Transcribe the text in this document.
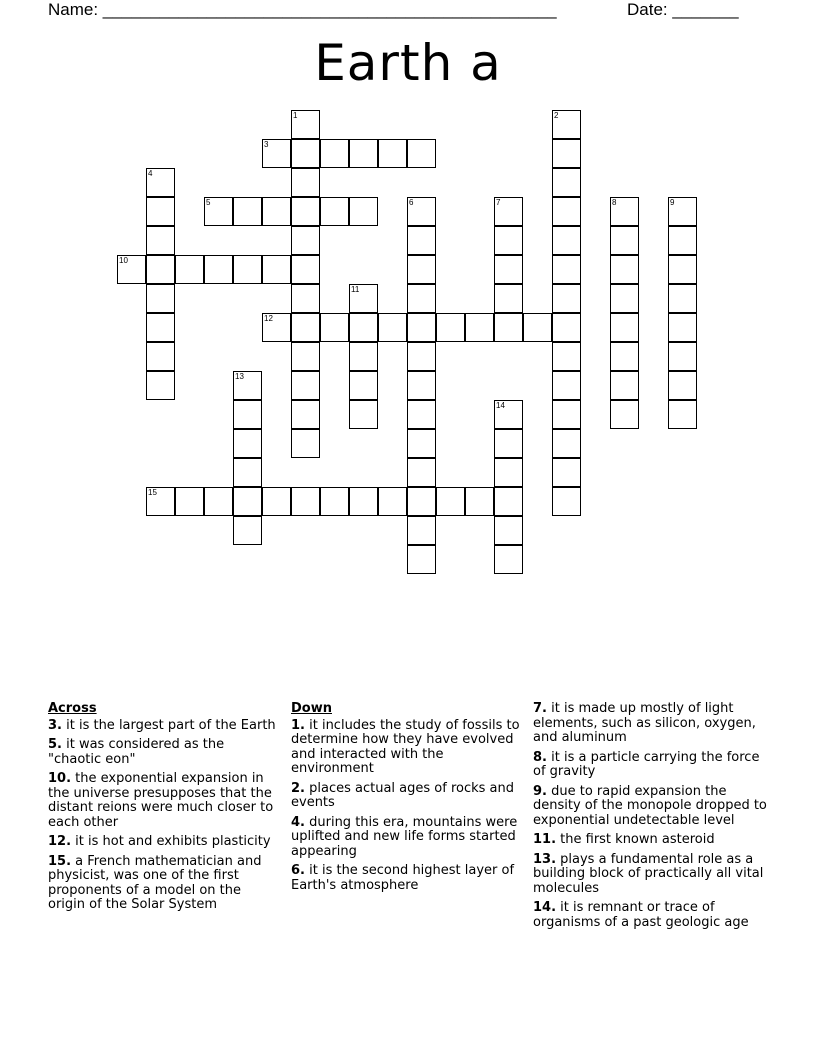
Name: ________________________________________________	Date: _______
Earth a
1	2
3
4
5	6	7	8	9
10
11
12
13
14
15
Across
3. it is the largest part of the Earth
5. it was considered as the "chaotic eon"
10. the exponential expansion in the universe presupposes that the distant reions were much closer to each other
12. it is hot and exhibits plasticity
15. a French mathematician and physicist, was one of the first proponents of a model on the origin of the Solar System
Down
1. it includes the study of fossils to determine how they have evolved and interacted with the environment
2. places actual ages of rocks and events
4. during this era, mountains were uplifted and new life forms started appearing
6. it is the second highest layer of Earth's atmosphere
7. it is made up mostly of light elements, such as silicon, oxygen, and aluminum
8. it is a particle carrying the force of gravity
9. due to rapid expansion the density of the monopole dropped to exponential undetectable level
11. the first known asteroid
13. plays a fundamental role as a building block of practically all vital molecules
14. it is remnant or trace of organisms of a past geologic age
